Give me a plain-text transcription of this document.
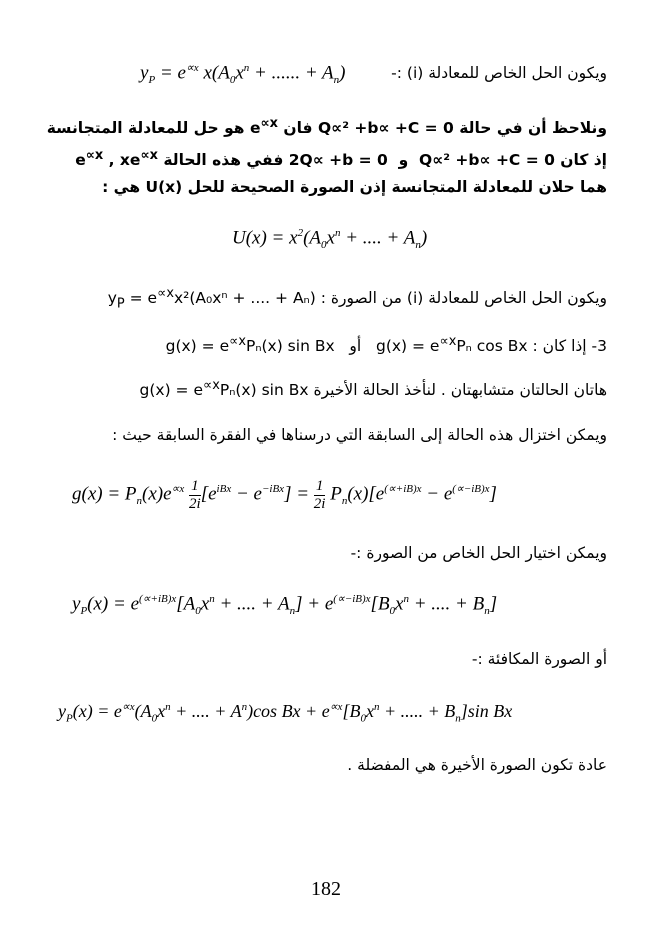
ويكون الحل الخاص للمعادلة (i) :-
$y_P = e^{\propto x}$ $x(A_0x^n$ + ...... + $A_n$)
ونلاحظ أن في حالة Q∝² +b∝ +C = 0 فان $e^{\propto x}$ هو حل للمعادلة المتجانسة
إذ كان Q∝² +b∝ +C = 0  و  2Q∝ +b = 0 ففي هذه الحالة $e^{\propto x}$ , $xe^{\propto x}$
هما حلان للمعادلة المتجانسة إذن الصورة الصحيحة للحل U(x) هي :
$U(x) = x^2(A_0x^n$ + .... + $A_n$)
ويكون الحل الخاص للمعادلة (i) من الصورة : $y_P = e^{\propto x}x^2(A_0x^n$ + .... + Aₙ)
3- إذا كان : $g(x) = e^{\propto x}P_n$ cos Bx   أو   $g(x) = e^{\propto x}P_n(x)$ sin Bx
هاتان الحالتان متشابهتان . لنأخذ الحالة الأخيرة $g(x) = e^{\propto x}P_n(x)$ sin Bx
ويمكن اختزال هذه الحالة إلى السابقة التي درسناها في الفقرة السابقة حيث :
$g(x) = P_n(x)e^{\propto x} \frac{1}{2i} [e^{iBx} - e^{-iBx}] = \frac{1}{2i} P_n(x)[e^{(\propto+iB)x} - e^{(\propto-iB)x}]$
ويمكن اختيار الحل الخاص من الصورة :-
$y_P(x) = e^{(\propto+iB)x}[A_0x^n$ + .... + $A_n] + e^{(\propto-iB)x}[B_0x^n$ + .... + $B_n$]
أو الصورة المكافئة :-
$y_P(x) = e^{\propto x}(A_0x^n$ + .... + $A^n)\cos$ $Bx + e^{\propto x}[B_0x^n$ + ..... + $B_n]\sin$ Bx
عادة تكون الصورة الأخيرة هي المفضلة .
182
